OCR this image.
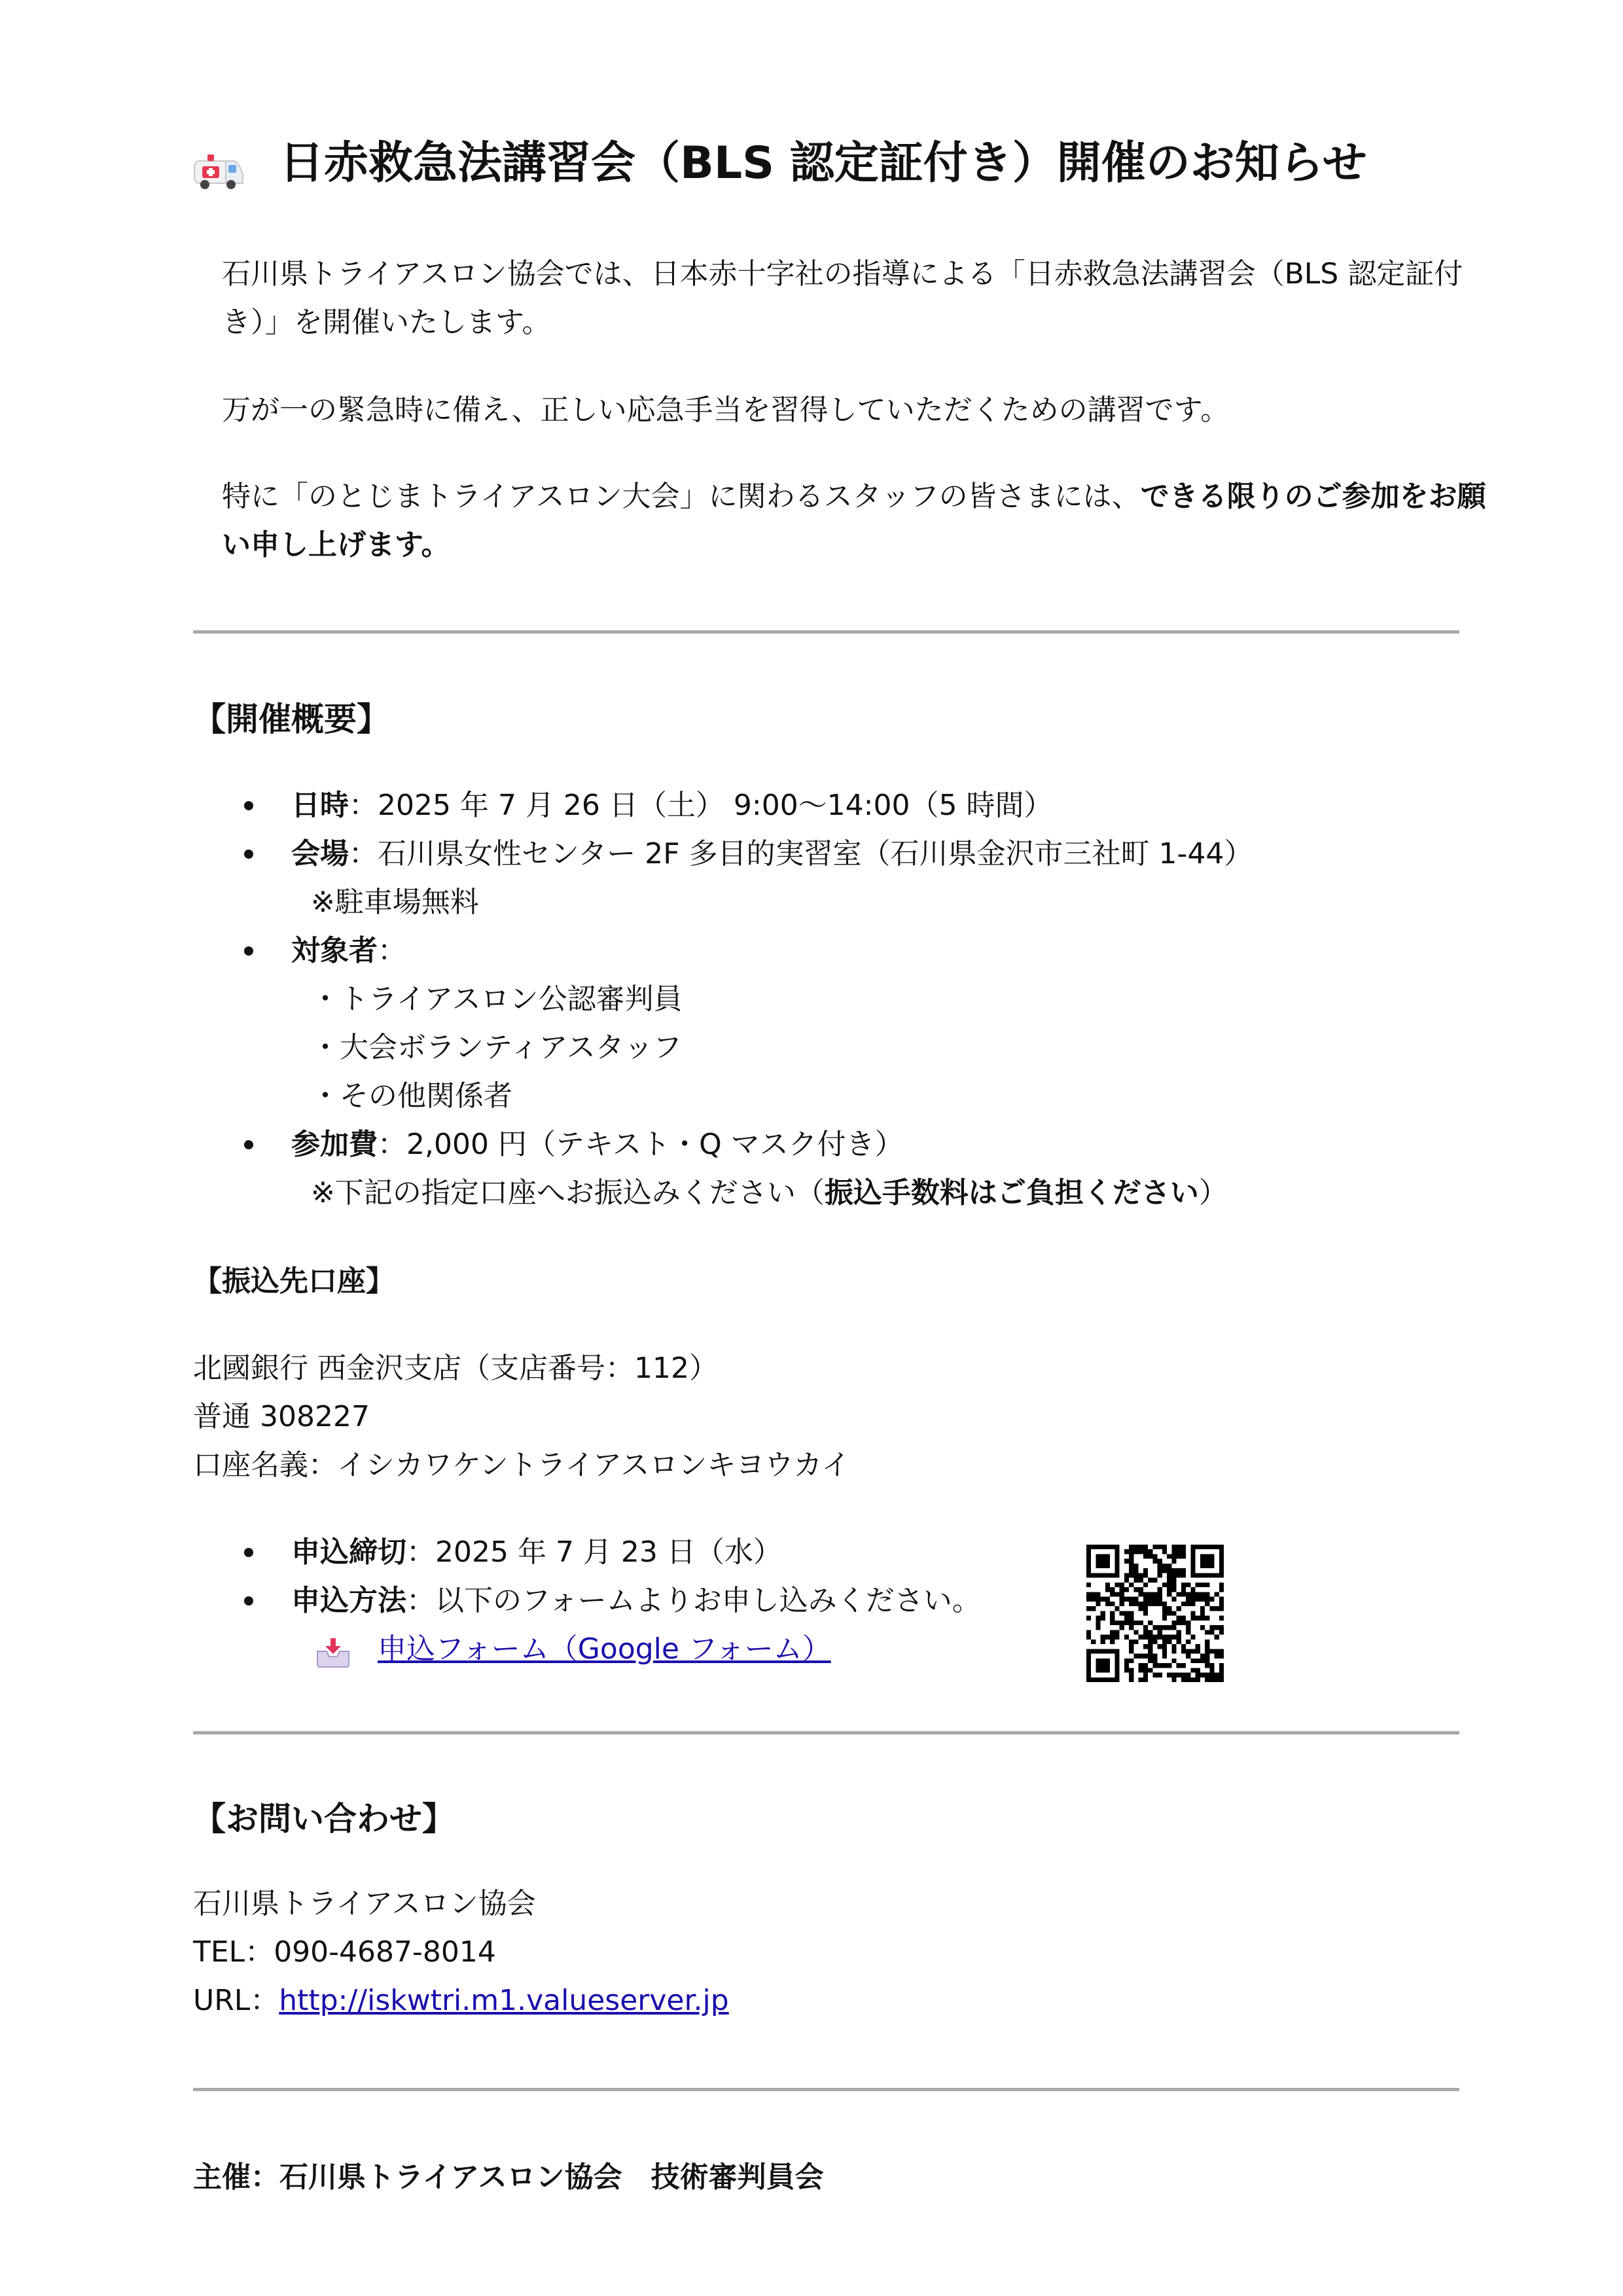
日赤救急法講習会（BLS 認定証付き）開催のお知らせ

石川県トライアスロン協会では、日本赤十字社の指導による「日赤救急法講習会（BLS 認定証付き）」を開催いたします。

万が一の緊急時に備え、正しい応急手当を習得していただくための講習です。

特に「のとじまトライアスロン大会」に関わるスタッフの皆さまには、できる限りのご参加をお願い申し上げます。

【開催概要】
日時：2025 年 7 月 26 日（土） 9:00～14:00（5 時間）
会場：石川県女性センター 2F 多目的実習室（石川県金沢市三社町 1-44）
※駐車場無料
対象者：
・トライアスロン公認審判員
・大会ボランティアスタッフ
・その他関係者
参加費：2,000 円（テキスト・Q マスク付き）
※下記の指定口座へお振込みください（振込手数料はご負担ください）
【振込先口座】
北國銀行 西金沢支店（支店番号：112）
普通 308227
口座名義：イシカワケントライアスロンキヨウカイ
申込締切：2025 年 7 月 23 日（水）
申込方法：以下のフォームよりお申し込みください。
申込フォーム（Google フォーム）
【お問い合わせ】
石川県トライアスロン協会
TEL：090-4687-8014
URL：http://iskwtri.m1.valueserver.jp
主催：石川県トライアスロン協会　技術審判員会
